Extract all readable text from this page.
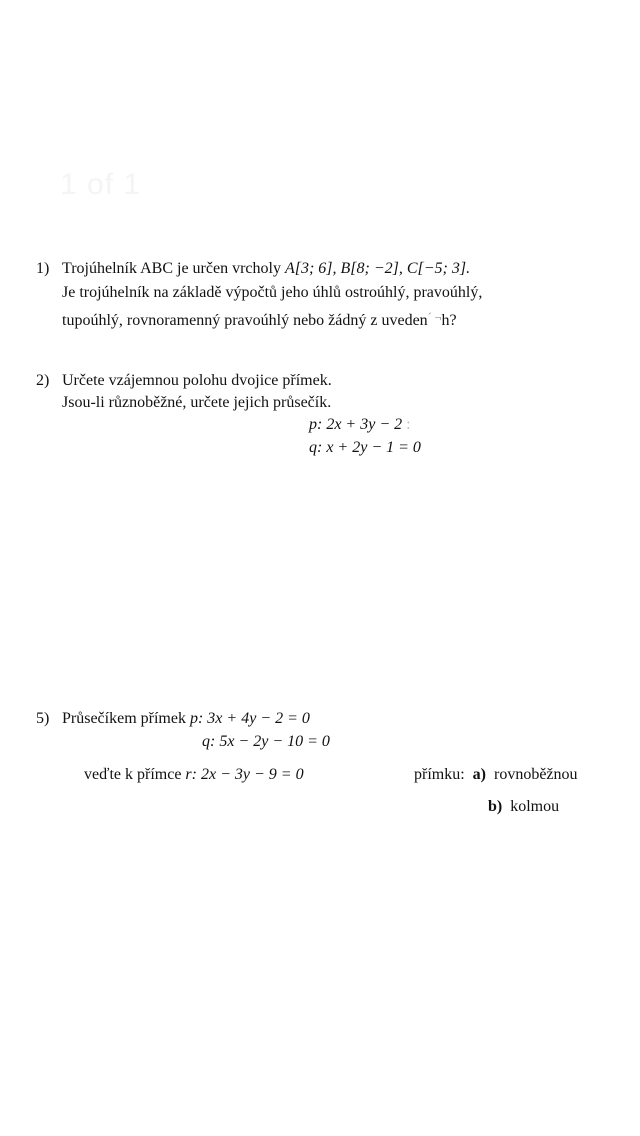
1 of 1
1) Trojúhelník ABC je určen vrcholy A[3; 6], B[8; −2], C[−5; 3].
Je trojúhelník na základě výpočtů jeho úhlů ostroúhlý, pravoúhlý,
tupoúhlý, rovnoramenný pravoúhlý nebo žádný z uveden´ ¬h?
2) Určete vzájemnou polohu dvojice přímek.
Jsou-li různoběžné, určete jejich průsečík.
p: 2x + 3y − 2 :
q: x + 2y − 1 = 0
5) Průsečíkem přímek p: 3x + 4y − 2 = 0
q: 5x − 2y − 10 = 0
veďte k přímce r: 2x − 3y − 9 = 0	přímku: a) rovnoběžnou
b) kolmou
